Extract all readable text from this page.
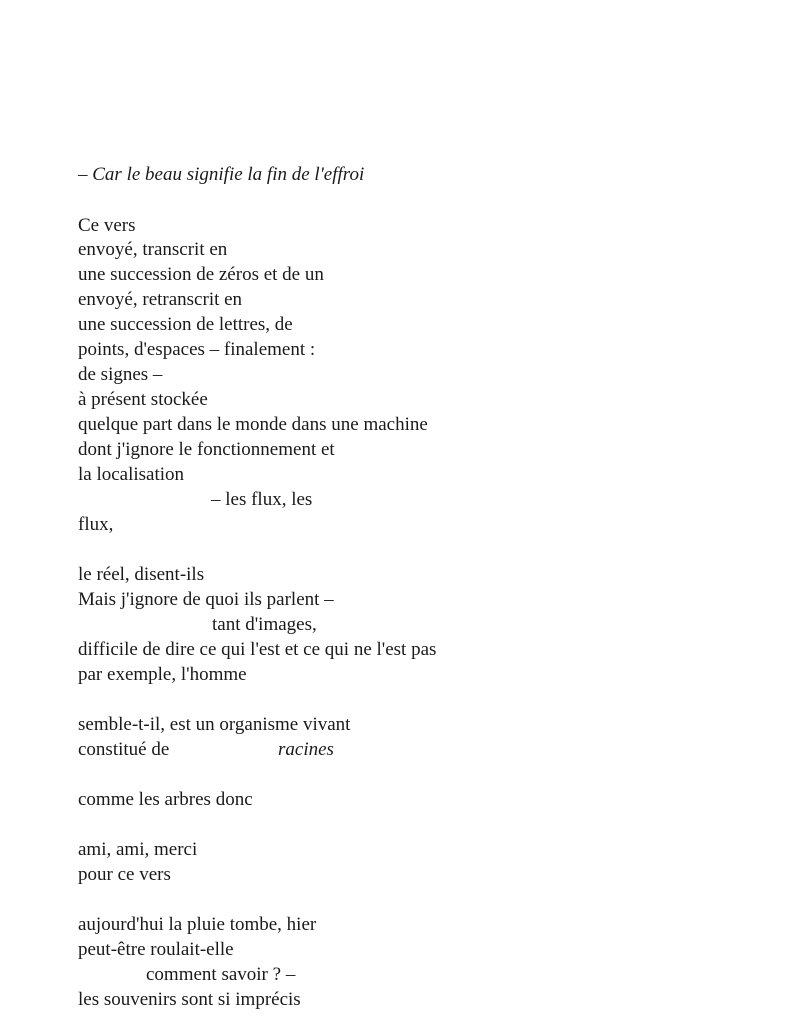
– Car le beau signifie la fin de l'effroi
Ce vers
envoyé, transcrit en
une succession de zéros et de un
envoyé, retranscrit en
une succession de lettres, de
points, d'espaces – finalement :
de signes –
à présent stockée
quelque part dans le monde dans une machine
dont j'ignore le fonctionnement et
la localisation
– les flux, les
flux,
le réel, disent-ils
Mais j'ignore de quoi ils parlent –
tant d'images,
difficile de dire ce qui l'est et ce qui ne l'est pas
par exemple, l'homme
semble-t-il, est un organisme vivant
constitué de	racines
comme les arbres donc
ami, ami, merci
pour ce vers
aujourd'hui la pluie tombe, hier
peut-être roulait-elle
comment savoir ? –
les souvenirs sont si imprécis
